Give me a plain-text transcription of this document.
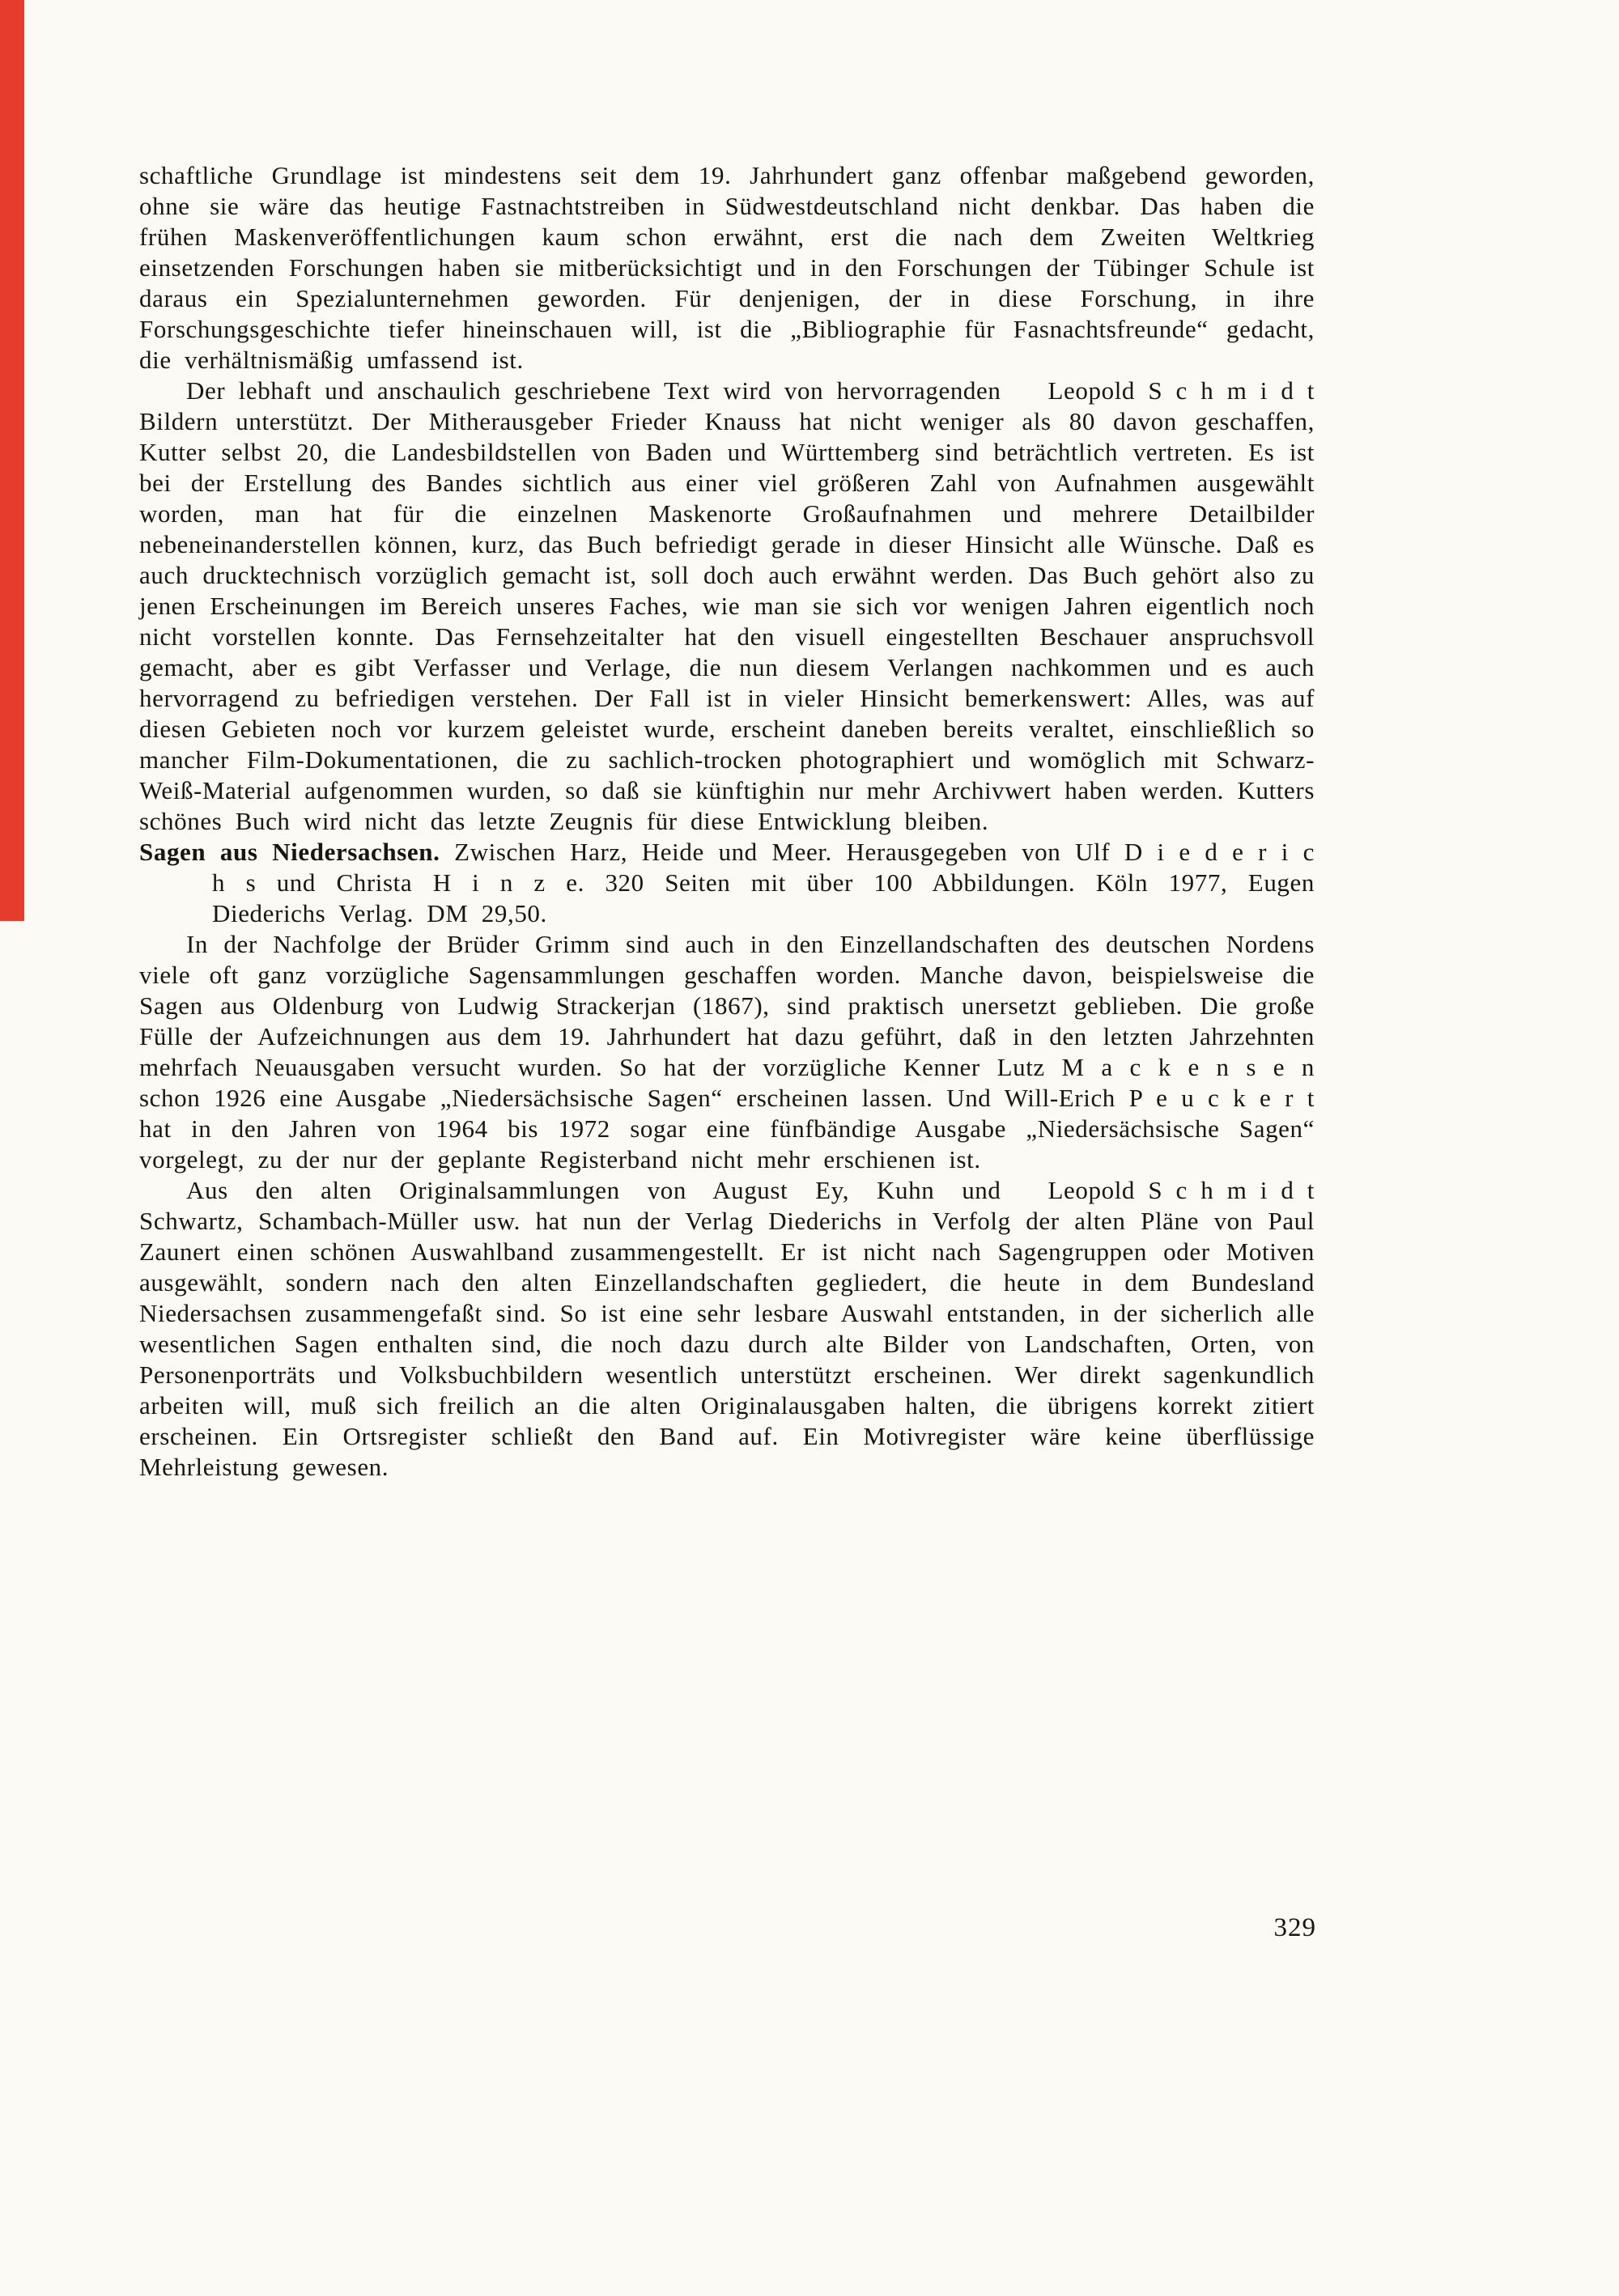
schaftliche Grundlage ist mindestens seit dem 19. Jahrhundert ganz offenbar maßgebend geworden, ohne sie wäre das heutige Fastnachtstreiben in Südwestdeutschland nicht denkbar. Das haben die frühen Maskenveröffentlichungen kaum schon erwähnt, erst die nach dem Zweiten Weltkrieg einsetzenden Forschungen haben sie mitberücksichtigt und in den Forschungen der Tübinger Schule ist daraus ein Spezialunternehmen geworden. Für denjenigen, der in diese Forschung, in ihre Forschungsgeschichte tiefer hineinschauen will, ist die „Bibliographie für Fasnachtsfreunde“ gedacht, die verhältnismäßig umfassend ist.

Leopold S c h m i d t
Der lebhaft und anschaulich geschriebene Text wird von hervorragenden Bildern unterstützt. Der Mitherausgeber Frieder Knauss hat nicht weniger als 80 davon geschaffen, Kutter selbst 20, die Landesbildstellen von Baden und Württemberg sind beträchtlich vertreten. Es ist bei der Erstellung des Bandes sichtlich aus einer viel größeren Zahl von Aufnahmen ausgewählt worden, man hat für die einzelnen Maskenorte Großaufnahmen und mehrere Detailbilder nebeneinanderstellen können, kurz, das Buch befriedigt gerade in dieser Hinsicht alle Wünsche. Daß es auch drucktechnisch vorzüglich gemacht ist, soll doch auch erwähnt werden. Das Buch gehört also zu jenen Erscheinungen im Bereich unseres Faches, wie man sie sich vor wenigen Jahren eigentlich noch nicht vorstellen konnte. Das Fernsehzeitalter hat den visuell eingestellten Beschauer anspruchsvoll gemacht, aber es gibt Verfasser und Verlage, die nun diesem Verlangen nachkommen und es auch hervorragend zu befriedigen verstehen. Der Fall ist in vieler Hinsicht bemerkenswert: Alles, was auf diesen Gebieten noch vor kurzem geleistet wurde, erscheint daneben bereits veraltet, einschließlich so mancher Film-Dokumentationen, die zu sachlich-trocken photographiert und womöglich mit Schwarz-Weiß-Material aufgenommen wurden, so daß sie künftighin nur mehr Archivwert haben werden. Kutters schönes Buch wird nicht das letzte Zeugnis für diese Entwicklung bleiben.

Sagen aus Niedersachsen. Zwischen Harz, Heide und Meer. Herausgegeben von Ulf D i e d e r i c h s und Christa H i n z e. 320 Seiten mit über 100 Abbildungen. Köln 1977, Eugen Diederichs Verlag. DM 29,50.

In der Nachfolge der Brüder Grimm sind auch in den Einzellandschaften des deutschen Nordens viele oft ganz vorzügliche Sagensammlungen geschaffen worden. Manche davon, beispielsweise die Sagen aus Oldenburg von Ludwig Strackerjan (1867), sind praktisch unersetzt geblieben. Die große Fülle der Aufzeichnungen aus dem 19. Jahrhundert hat dazu geführt, daß in den letzten Jahrzehnten mehrfach Neuausgaben versucht wurden. So hat der vorzügliche Kenner Lutz M a c k e n s e n schon 1926 eine Ausgabe „Niedersächsische Sagen“ erscheinen lassen. Und Will-Erich P e u c k e r t hat in den Jahren von 1964 bis 1972 sogar eine fünfbändige Ausgabe „Niedersächsische Sagen“ vorgelegt, zu der nur der geplante Registerband nicht mehr erschienen ist.

Leopold S c h m i d t
Aus den alten Originalsammlungen von August Ey, Kuhn und Schwartz, Schambach-Müller usw. hat nun der Verlag Diederichs in Verfolg der alten Pläne von Paul Zaunert einen schönen Auswahlband zusammengestellt. Er ist nicht nach Sagengruppen oder Motiven ausgewählt, sondern nach den alten Einzellandschaften gegliedert, die heute in dem Bundesland Niedersachsen zusammengefaßt sind. So ist eine sehr lesbare Auswahl entstanden, in der sicherlich alle wesentlichen Sagen enthalten sind, die noch dazu durch alte Bilder von Landschaften, Orten, von Personenporträts und Volksbuchbildern wesentlich unterstützt erscheinen. Wer direkt sagenkundlich arbeiten will, muß sich freilich an die alten Originalausgaben halten, die übrigens korrekt zitiert erscheinen. Ein Ortsregister schließt den Band auf. Ein Motivregister wäre keine überflüssige Mehrleistung gewesen.

329
